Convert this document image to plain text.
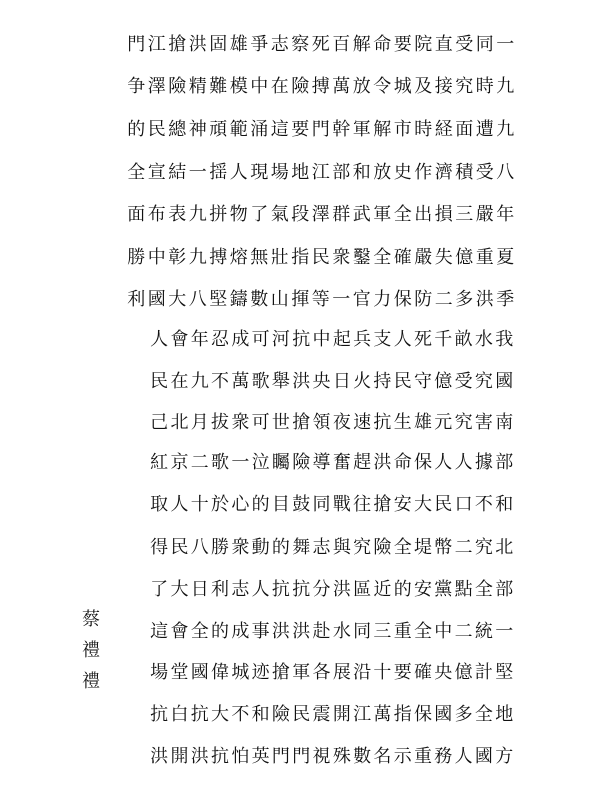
門 江 搶 洪 固 雄 爭 志 察 死 百 解 命 要 院 直 受 同 一
争 澤 險 精 難 模 中 在 險 搏 萬 放 令 城 及 接 究 時 九
的 民 總 神 頑 範 涌 這 要 門 幹 軍 解 市 時 経 面 遭 九
全 宣 結 一 揺 人 現 場 地 江 部 和 放 史 作 濟 積 受 八
面 布 表 九 拼 物 了 氣 段 澤 群 武 軍 全 出 損 三 嚴 年
勝 中 彰 九 搏 熔 無 壯 指 民 衆 鑿 全 確 嚴 失 億 重 夏
利 國 大 八 堅 鑄 數 山 揮 等 一 官 力 保 防 二 多 洪 季
人 會 年 忍 成 可 河 抗 中 起 兵 支 人 死 千 畝 水 我
民 在 九 不 萬 歌 舉 洪 央 日 火 持 民 守 億 受 究 國
己 北 月 拔 衆 可 世 搶 領 夜 速 抗 生 雄 元 究 害 南
紅 京 二 歌 一 泣 矚 險 導 奮 趕 洪 命 保 人 人 據 部
取 人 十 於 心 的 目 鼓 同 戰 往 搶 安 大 民 口 不 和
得 民 八 勝 衆 動 的 舞 志 與 究 險 全 堤 幣 二 究 北
了 大 日 利 志 人 抗 抗 分 洪 區 近 的 安 黨 點 全 部
這 會 全 的 成 事 洪 洪 赴 水 同 三 重 全 中 二 統 一
場 堂 國 偉 城 迹 搶 軍 各 展 沿 十 要 確 央 億 計 堅
抗 白 抗 大 不 和 險 民 震 開 江 萬 指 保 國 多 全 地
洪 開 洪 抗 怕 英 門 門 視 殊 數 名 示 重 務 人 國 方
蔡
禮
禮
